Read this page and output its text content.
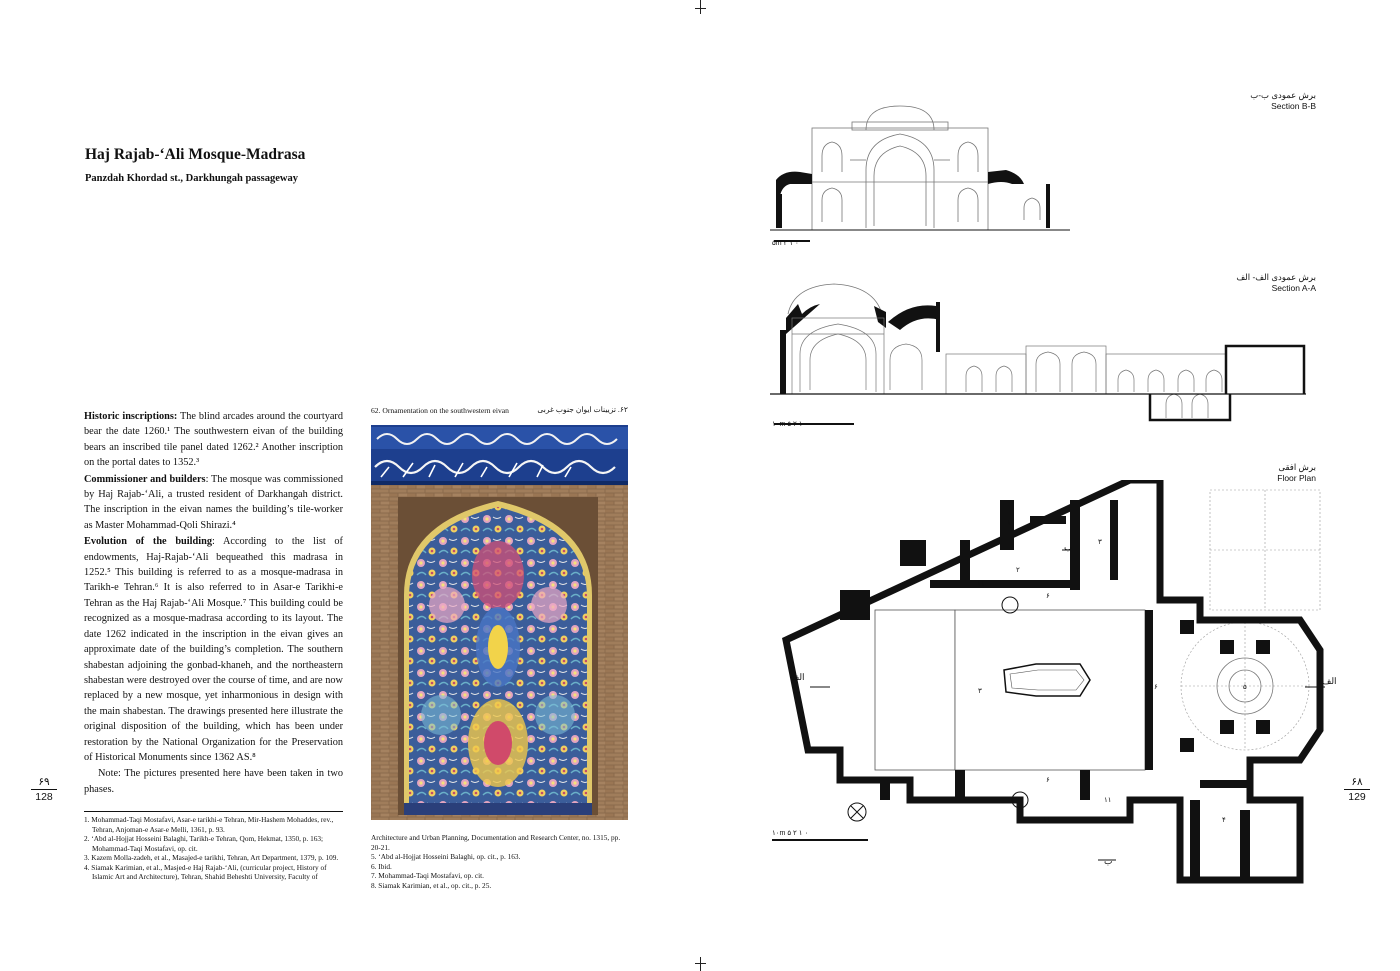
Haj Rajab-‘Ali Mosque-Madrasa
Panzdah Khordad st., Darkhungah passageway

Historic inscriptions: The blind arcades around the courtyard bear the date 1260.¹ The southwestern eivan of the building bears an inscribed tile panel dated 1262.² Another inscription on the portal dates to 1352.³

Commissioner and builders: The mosque was commissioned by Haj Rajab-‘Ali, a trusted resident of Darkhangah district. The inscription in the eivan names the building’s tile-worker as Master Mohammad-Qoli Shirazi.⁴

Evolution of the building: According to the list of endowments, Haj-Rajab-‘Ali bequeathed this madrasa in 1252.⁵ This building is referred to as a mosque-madrasa in Tarikh-e Tehran.⁶ It is also referred to in Asar-e Tarikhi-e Tehran as the Haj Rajab-‘Ali Mosque.⁷ This building could be recognized as a mosque-madrasa according to its layout. The date 1262 indicated in the inscription in the eivan gives an approximate date of the building’s completion. The southern shabestan adjoining the gonbad-khaneh, and the northeastern shabestan were destroyed over the course of time, and are now replaced by a new mosque, yet inharmonious in design with the main shabestan. The drawings presented here illustrate the original disposition of the building, which has been under restoration by the National Organization for the Preservation of Historical Monuments since 1362 AS.⁸

Note: The pictures presented here have been taken in two phases.

۶۹
128
62. Ornamentation on the southwestern eivan	۶۲. تزیینات ایوان جنوب غربی

1. Mohammad-Taqi Mostafavi, Asar-e tarikhi-e Tehran, Mir-Hashem Mohaddes, rev., Tehran, Anjoman-e Asar-e Melli, 1361, p. 93.

2. ‘Abd al-Hojjat Hosseini Balaghi, Tarikh-e Tehran, Qom, Hekmat, 1350, p. 163; Mohammad-Taqi Mostafavi, op. cit.

3. Kazem Molla-zadeh, et al., Masajed-e tarikhi, Tehran, Art Department, 1379, p. 109.

4. Siamak Karimian, et al., Masjed-e Haj Rajab-‘Ali, (curricular project, History of Islamic Art and Architecture), Tehran, Shahid Beheshti University, Faculty of

Architecture and Urban Planning, Documentation and Research Center, no. 1315, pp. 20-21.

5. ‘Abd al-Hojjat Hosseini Balaghi, op. cit., p. 163.

6. Ibid.

7. Mohammad-Taqi Mostafavi, op. cit.

8. Siamak Karimian, et al., op. cit., p. 25.

برش عمودی ب-ب
Section B-B
برش عمودی الف- الف
Section A-A
برش افقی
Floor Plan
۰ ۱ ۲ ۵m
۰ ۱ ۲ ۵ ۱۰m
الف	الف
ب
ب
۱
۳
۳
۵
۶
۶
۶
۲
۴
۱۱
۱۱
۱۱
۰ ۱ ۲ ۵ ۱۰m
۶۸
129
